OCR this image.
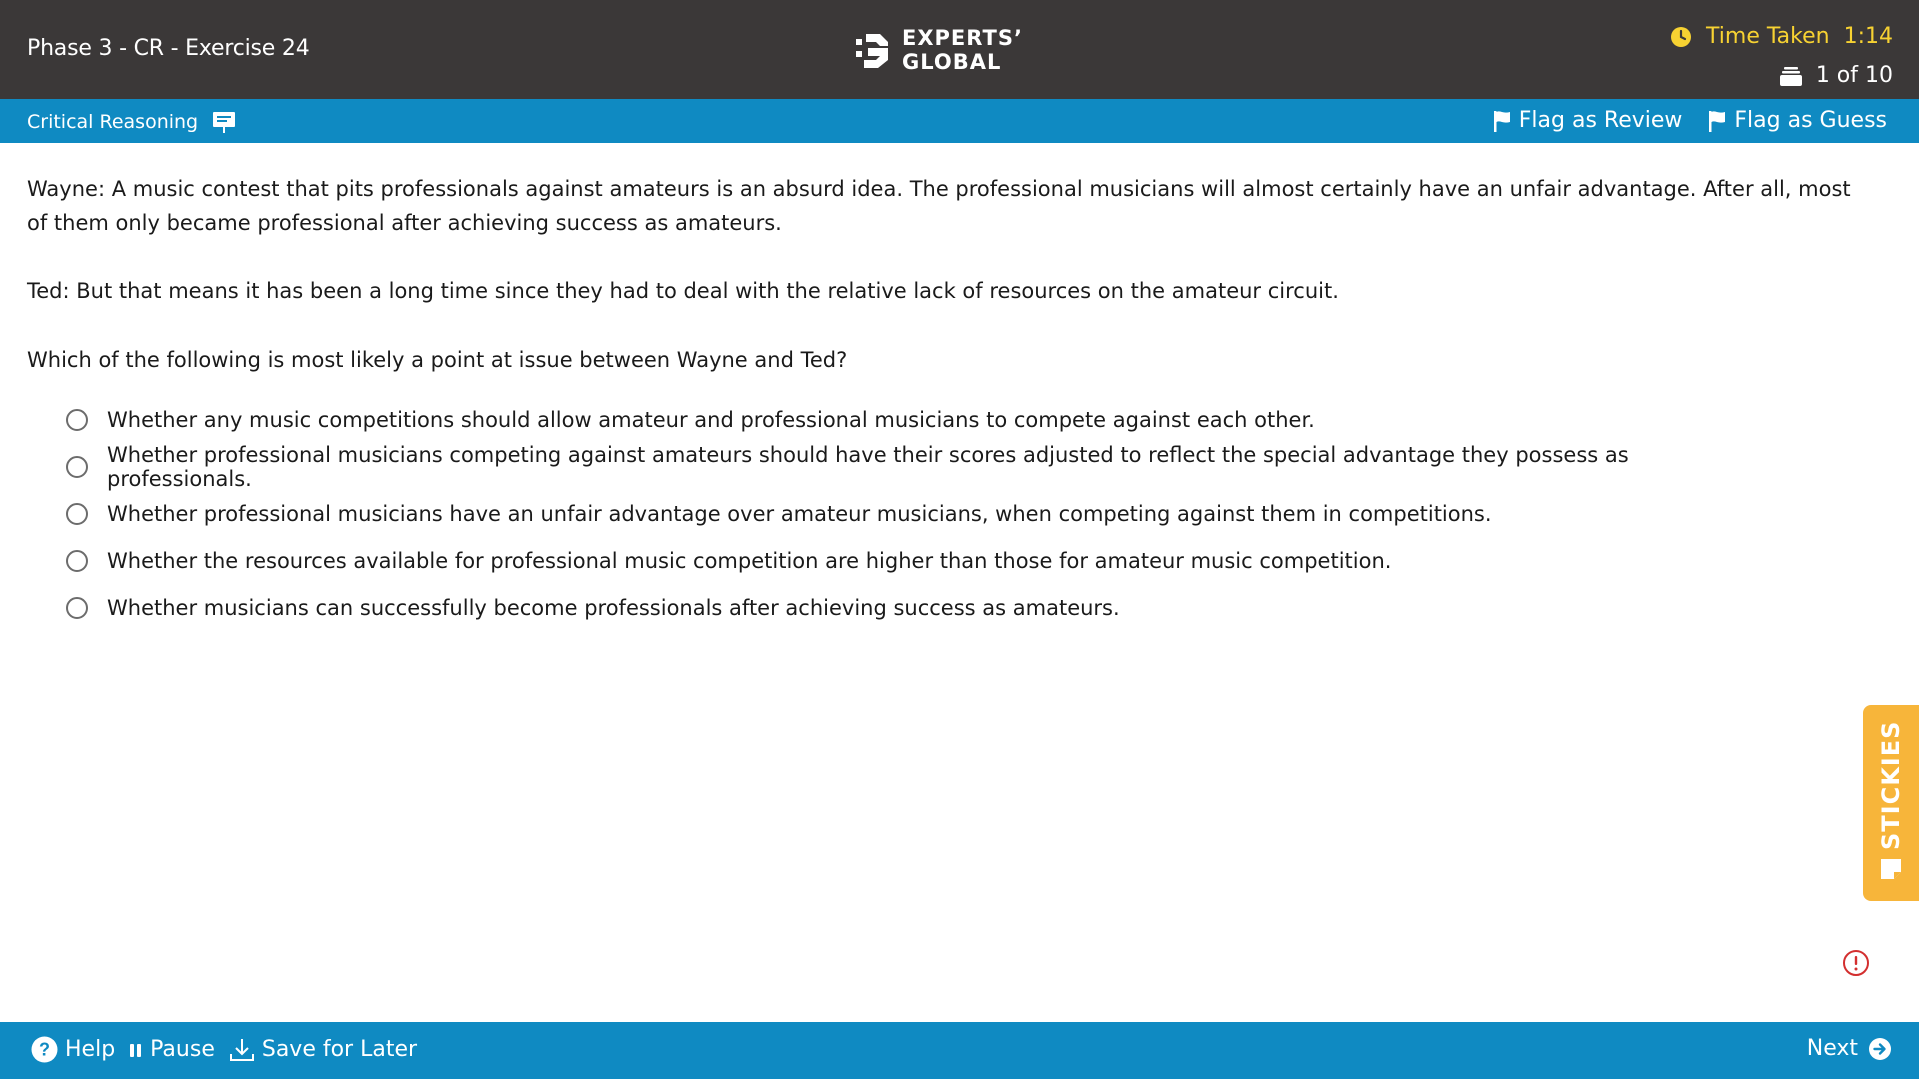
Phase 3 - CR - Exercise 24	EXPERTS’
GLOBAL
Time Taken 1:14
1 of 10
Critical Reasoning	Flag as Review Flag as Guess

Wayne: A music contest that pits professionals against amateurs is an absurd idea. The professional musicians will almost certainly have an unfair advantage. After all, most of them only became professional after achieving success as amateurs.

Ted: But that means it has been a long time since they had to deal with the relative lack of resources on the amateur circuit.

Which of the following is most likely a point at issue between Wayne and Ted?

Whether any music competitions should allow amateur and professional musicians to compete against each other.
Whether professional musicians competing against amateurs should have their scores adjusted to reflect the special advantage they possess as professionals.
Whether professional musicians have an unfair advantage over amateur musicians, when competing against them in competitions.
Whether the resources available for professional music competition are higher than those for amateur music competition.
Whether musicians can successfully become professionals after achieving success as amateurs.
STICKIES
? Help Pause Save for Later	Next
